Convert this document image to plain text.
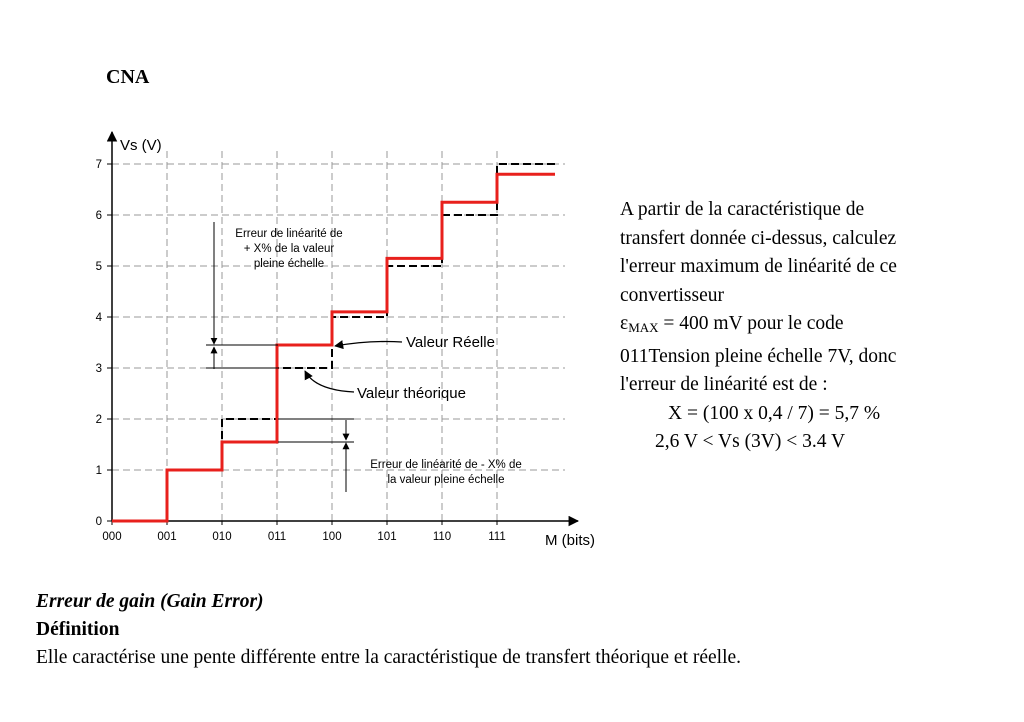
CNA
Vs (V)
M (bits)
0
1
2
3
4
5
6
7
000	001	010	011	100	101	110	111
Erreur de linéarité de
+ X% de la valeur
pleine échelle
Erreur de linéarité de - X% de
la valeur pleine échelle
Valeur Réelle
Valeur théorique
A partir de la caractéristique de
transfert donnée ci-dessus, calculez
l'erreur maximum de linéarité de ce
convertisseur
$\varepsilon_{MAX} = 400$ mV pour le code
011Tension pleine échelle 7V, donc
l'erreur de linéarité est de :
X = (100 x 0,4 / 7) = 5,7 %
2,6 V < Vs (3V) < 3.4 V
Erreur de gain (Gain Error)
Définition
Elle caractérise une pente différente entre la caractéristique de transfert théorique et réelle.
